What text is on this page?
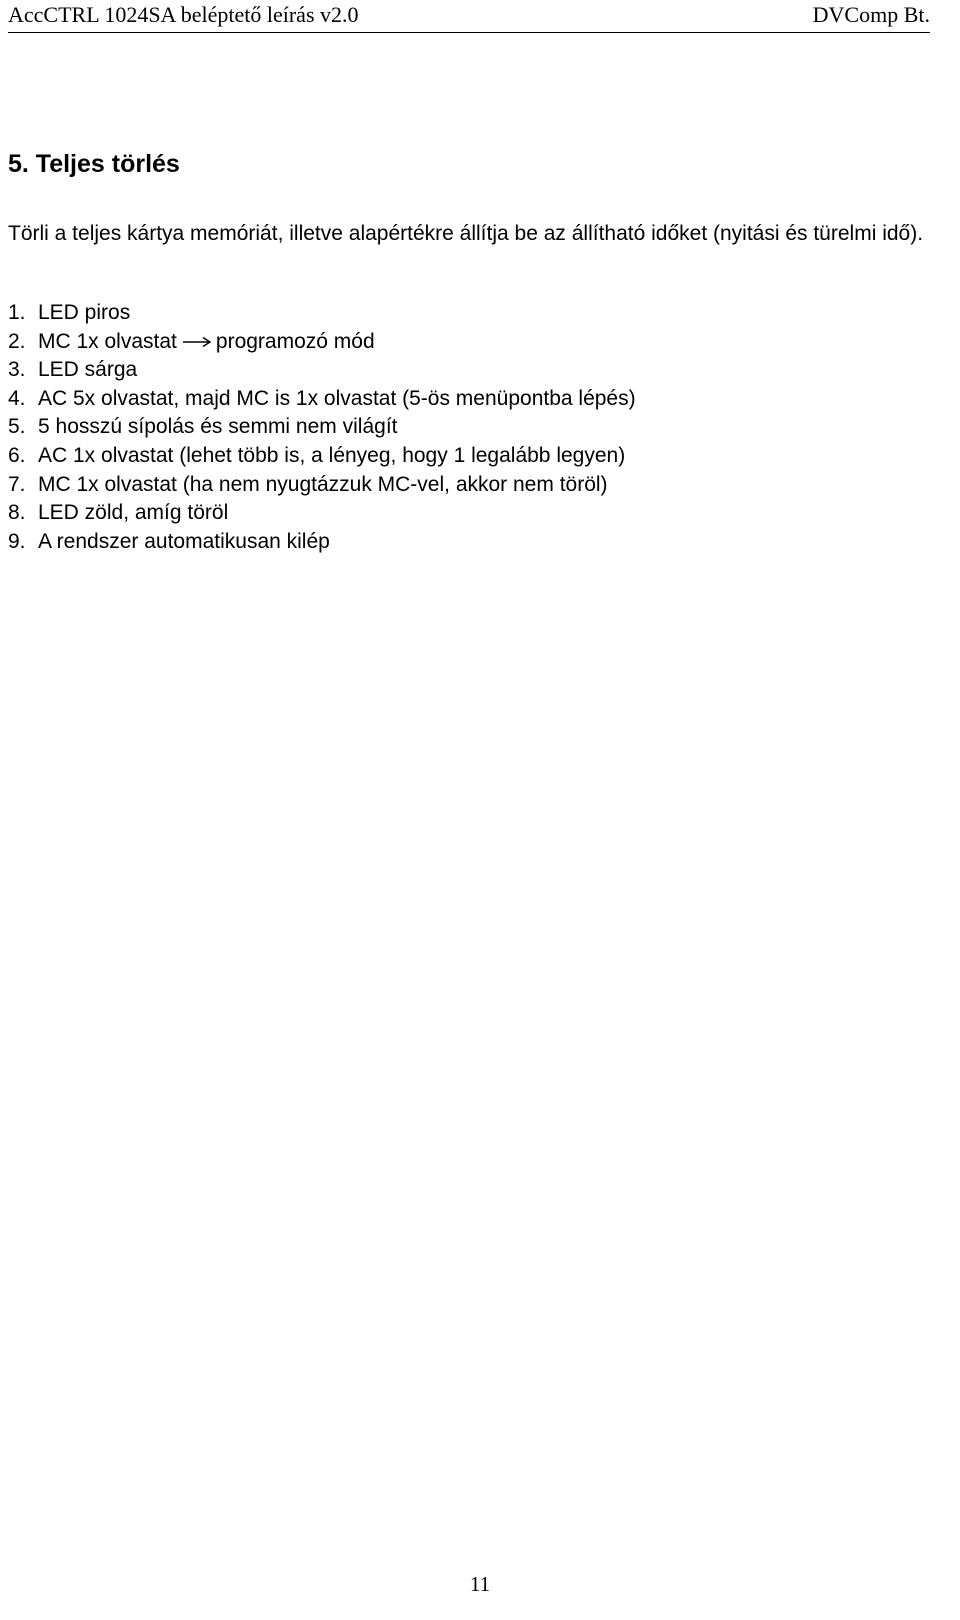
AccCTRL 1024SA beléptető leírás v2.0	DVComp Bt.
5. Teljes törlés

Törli a teljes kártya memóriát, illetve alapértékre állítja be az állítható időket (nyitási és türelmi idő).

1. LED piros
2. MC 1x olvastat programozó mód
3. LED sárga
4. AC 5x olvastat, majd MC is 1x olvastat (5-ös menüpontba lépés)
5. 5 hosszú sípolás és semmi nem világít
6. AC 1x olvastat (lehet több is, a lényeg, hogy 1 legalább legyen)
7. MC 1x olvastat (ha nem nyugtázzuk MC-vel, akkor nem töröl)
8. LED zöld, amíg töröl
9. A rendszer automatikusan kilép
11
